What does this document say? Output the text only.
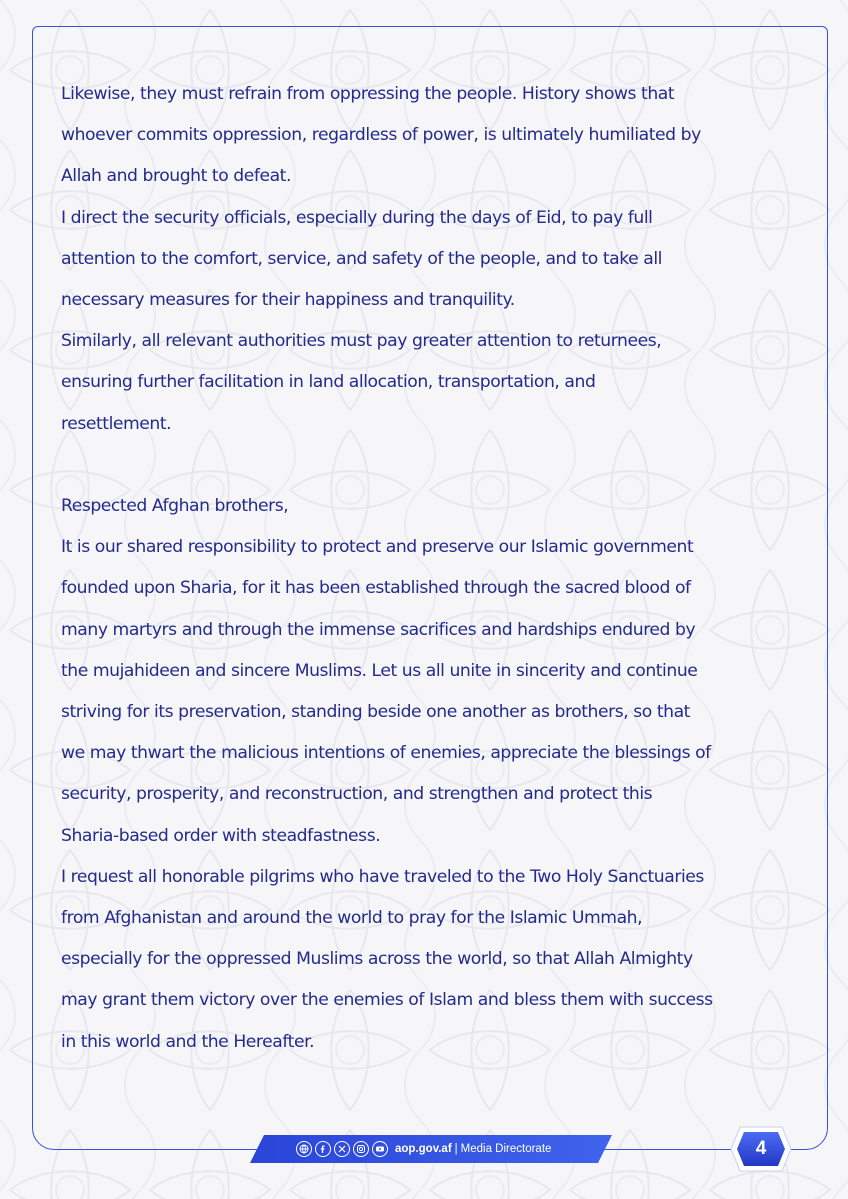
Likewise, they must refrain from oppressing the people. History shows that

whoever commits oppression, regardless of power, is ultimately humiliated by

Allah and brought to defeat.

I direct the security officials, especially during the days of Eid, to pay full

attention to the comfort, service, and safety of the people, and to take all

necessary measures for their happiness and tranquility.

Similarly, all relevant authorities must pay greater attention to returnees,

ensuring further facilitation in land allocation, transportation, and

resettlement.

Respected Afghan brothers,

It is our shared responsibility to protect and preserve our Islamic government

founded upon Sharia, for it has been established through the sacred blood of

many martyrs and through the immense sacrifices and hardships endured by

the mujahideen and sincere Muslims. Let us all unite in sincerity and continue

striving for its preservation, standing beside one another as brothers, so that

we may thwart the malicious intentions of enemies, appreciate the blessings of

security, prosperity, and reconstruction, and strengthen and protect this

Sharia-based order with steadfastness.

I request all honorable pilgrims who have traveled to the Two Holy Sanctuaries

from Afghanistan and around the world to pray for the Islamic Ummah,

especially for the oppressed Muslims across the world, so that Allah Almighty

may grant them victory over the enemies of Islam and bless them with success

in this world and the Hereafter.

aop.gov.af | Media Directorate	4
